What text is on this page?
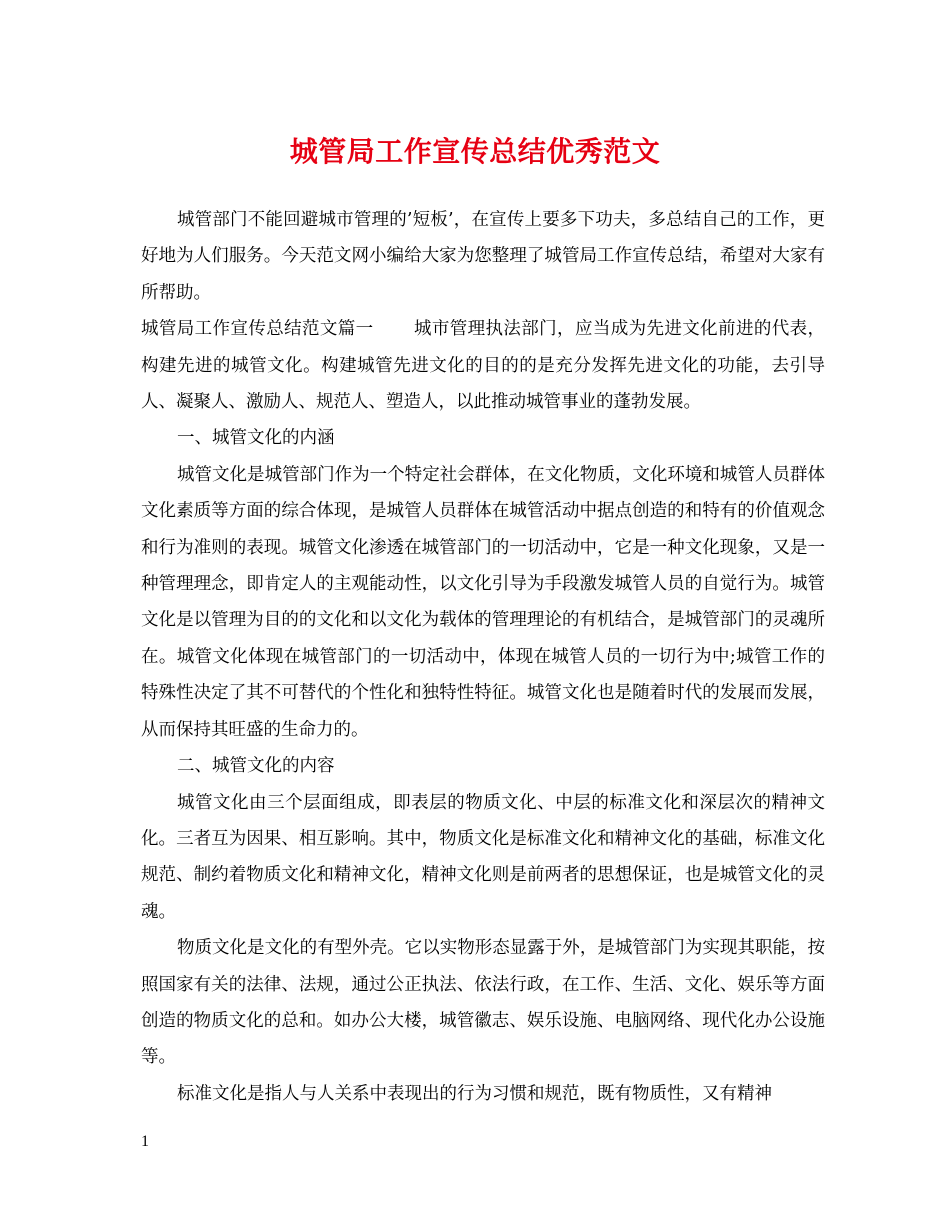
城管局工作宣传总结优秀范文

城管部门不能回避城市管理的’短板’，在宣传上要多下功夫，多总结自己的工作，更好地为人们服务。今天范文网小编给大家为您整理了城管局工作宣传总结，希望对大家有所帮助。

城管局工作宣传总结范文篇一 城市管理执法部门，应当成为先进文化前进的代表，构建先进的城管文化。构建城管先进文化的目的的是充分发挥先进文化的功能，去引导人、凝聚人、激励人、规范人、塑造人，以此推动城管事业的蓬勃发展。

一、城管文化的内涵

城管文化是城管部门作为一个特定社会群体，在文化物质，文化环境和城管人员群体文化素质等方面的综合体现，是城管人员群体在城管活动中据点创造的和特有的价值观念和行为准则的表现。城管文化渗透在城管部门的一切活动中，它是一种文化现象，又是一种管理理念，即肯定人的主观能动性，以文化引导为手段激发城管人员的自觉行为。城管文化是以管理为目的的文化和以文化为载体的管理理论的有机结合，是城管部门的灵魂所在。城管文化体现在城管部门的一切活动中，体现在城管人员的一切行为中;城管工作的特殊性决定了其不可替代的个性化和独特性特征。城管文化也是随着时代的发展而发展，从而保持其旺盛的生命力的。

二、城管文化的内容

城管文化由三个层面组成，即表层的物质文化、中层的标准文化和深层次的精神文化。三者互为因果、相互影响。其中，物质文化是标准文化和精神文化的基础，标准文化规范、制约着物质文化和精神文化，精神文化则是前两者的思想保证，也是城管文化的灵魂。

物质文化是文化的有型外壳。它以实物形态显露于外，是城管部门为实现其职能，按照国家有关的法律、法规，通过公正执法、依法行政，在工作、生活、文化、娱乐等方面创造的物质文化的总和。如办公大楼，城管徽志、娱乐设施、电脑网络、现代化办公设施等。

标准文化是指人与人关系中表现出的行为习惯和规范，既有物质性，又有精神

1
